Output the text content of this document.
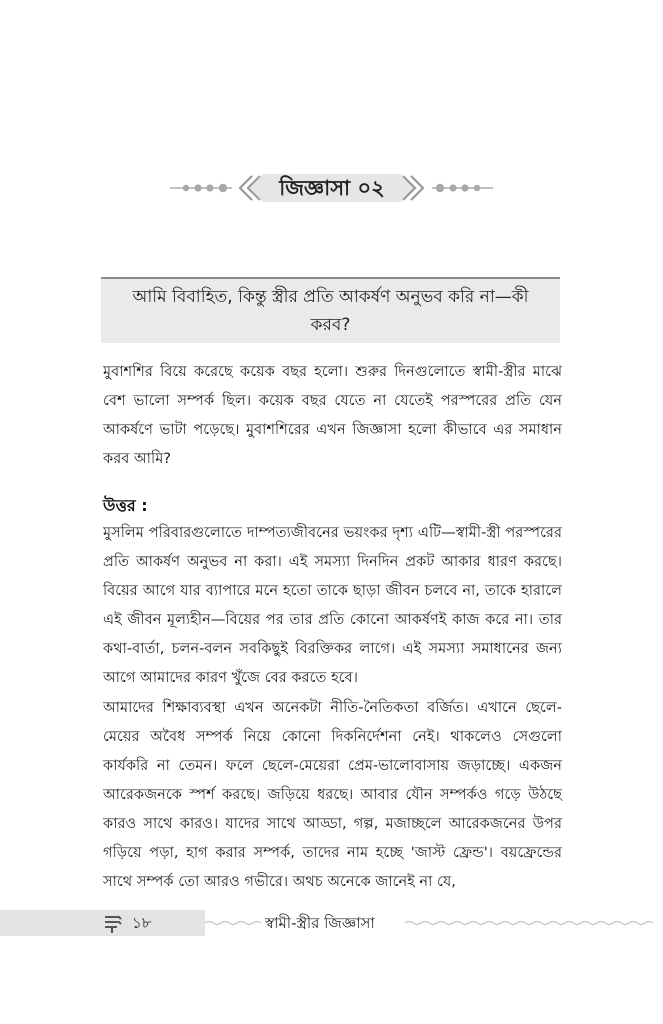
জিজ্ঞাসা ০২
আমি বিবাহিত, কিন্তু স্ত্রীর প্রতি আকর্ষণ অনুভব করি না—কী করব?
মুবাশশির বিয়ে করেছে কয়েক বছর হলো। শুরুর দিনগুলোতে স্বামী-স্ত্রীর মাঝে বেশ ভালো সম্পর্ক ছিল। কয়েক বছর যেতে না যেতেই পরস্পরের প্রতি যেন আকর্ষণে ভাটা পড়েছে। মুবাশশিরের এখন জিজ্ঞাসা হলো কীভাবে এর সমাধান করব আমি?
উত্তর :
মুসলিম পরিবারগুলোতে দাম্পত্যজীবনের ভয়ংকর দৃশ্য এটি—স্বামী-স্ত্রী পরস্পরের প্রতি আকর্ষণ অনুভব না করা। এই সমস্যা দিনদিন প্রকট আকার ধারণ করছে। বিয়ের আগে যার ব্যাপারে মনে হতো তাকে ছাড়া জীবন চলবে না, তাকে হারালে এই জীবন মূল্যহীন—বিয়ের পর তার প্রতি কোনো আকর্ষণই কাজ করে না। তার কথা-বার্তা, চলন-বলন সবকিছুই বিরক্তিকর লাগে। এই সমস্যা সমাধানের জন্য আগে আমাদের কারণ খুঁজে বের করতে হবে।
আমাদের শিক্ষাব্যবস্থা এখন অনেকটা নীতি-নৈতিকতা বর্জিত। এখানে ছেলে-মেয়ের অবৈধ সম্পর্ক নিয়ে কোনো দিকনির্দেশনা নেই। থাকলেও সেগুলো কার্যকরি না তেমন। ফলে ছেলে-মেয়েরা প্রেম-ভালোবাসায় জড়াচ্ছে। একজন আরেকজনকে স্পর্শ করছে। জড়িয়ে ধরছে। আবার যৌন সম্পর্কও গড়ে উঠছে কারও সাথে কারও। যাদের সাথে আড্ডা, গল্প, মজাচ্ছলে আরেকজনের উপর গড়িয়ে পড়া, হাগ করার সম্পর্ক, তাদের নাম হচ্ছে 'জাস্ট ফ্রেন্ড'। বয়ফ্রেন্ডের সাথে সম্পর্ক তো আরও গভীরে। অথচ অনেকে জানেই না যে,
১৮	স্বামী-স্ত্রীর জিজ্ঞাসা
